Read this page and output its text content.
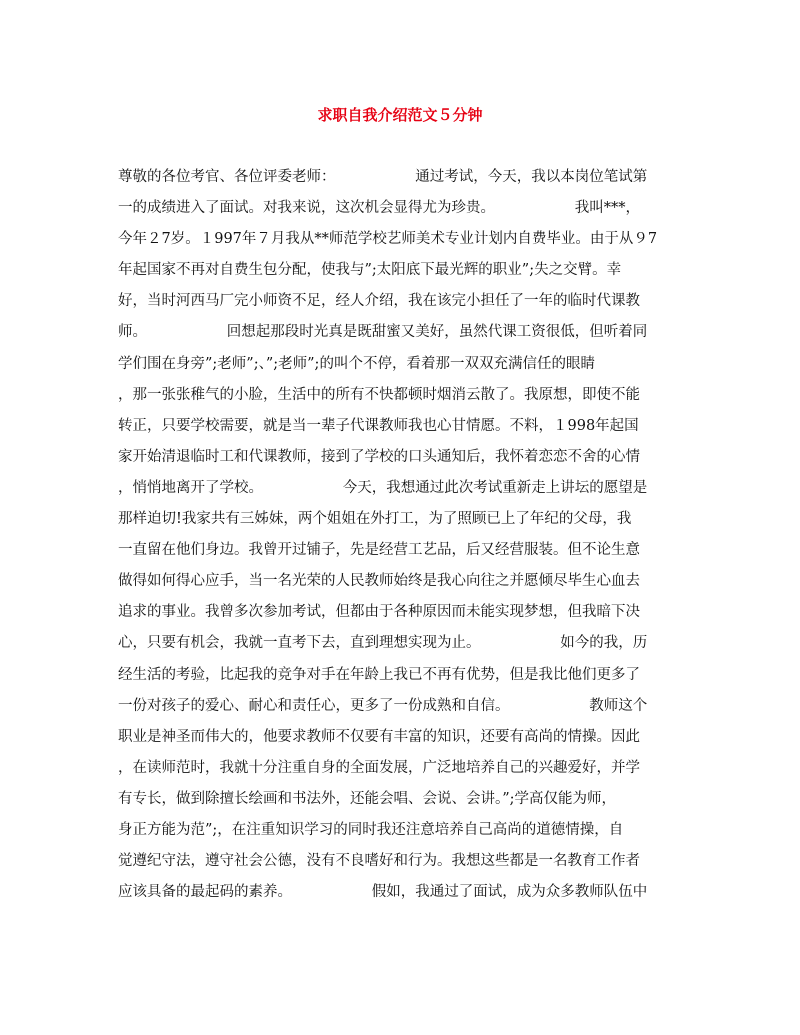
求职自我介绍范文５分钟
尊敬的各位考官、各位评委老师：　　　　　　通过考试，今天，我以本岗位笔试第
一的成绩进入了面试。对我来说，这次机会显得尤为珍贵。　　　　　　我叫***，
今年２7岁。１997年７月我从**师范学校艺师美术专业计划内自费毕业。由于从９7
年起国家不再对自费生包分配，使我与”;太阳底下最光辉的职业”;失之交臂。幸
好，当时河西马厂完小师资不足，经人介绍，我在该完小担任了一年的临时代课教
师。　　　　　　回想起那段时光真是既甜蜜又美好，虽然代课工资很低，但听着同
学们围在身旁”;老师”;、”;老师”;的叫个不停，看着那一双双充满信任的眼睛
，那一张张稚气的小脸，生活中的所有不快都顿时烟消云散了。我原想，即使不能
转正，只要学校需要，就是当一辈子代课教师我也心甘情愿。不料，１998年起国
家开始清退临时工和代课教师，接到了学校的口头通知后，我怀着恋恋不舍的心情
，悄悄地离开了学校。　　　　　　今天，我想通过此次考试重新走上讲坛的愿望是
那样迫切!我家共有三姊妹，两个姐姐在外打工，为了照顾已上了年纪的父母，我
一直留在他们身边。我曾开过铺子，先是经营工艺品，后又经营服装。但不论生意
做得如何得心应手，当一名光荣的人民教师始终是我心向往之并愿倾尽毕生心血去
追求的事业。我曾多次参加考试，但都由于各种原因而未能实现梦想，但我暗下决
心，只要有机会，我就一直考下去，直到理想实现为止。　　　　　　如今的我，历
经生活的考验，比起我的竞争对手在年龄上我已不再有优势，但是我比他们更多了
一份对孩子的爱心、耐心和责任心，更多了一份成熟和自信。　　　　　　教师这个
职业是神圣而伟大的，他要求教师不仅要有丰富的知识，还要有高尚的情操。因此
，在读师范时，我就十分注重自身的全面发展，广泛地培养自己的兴趣爱好，并学
有专长，做到除擅长绘画和书法外，还能会唱、会说、会讲。”;学高仅能为师，
身正方能为范”;，在注重知识学习的同时我还注意培养自己高尚的道德情操，自
觉遵纪守法，遵守社会公德，没有不良嗜好和行为。我想这些都是一名教育工作者
应该具备的最起码的素养。　　　　　　假如，我通过了面试，成为众多教师队伍中
